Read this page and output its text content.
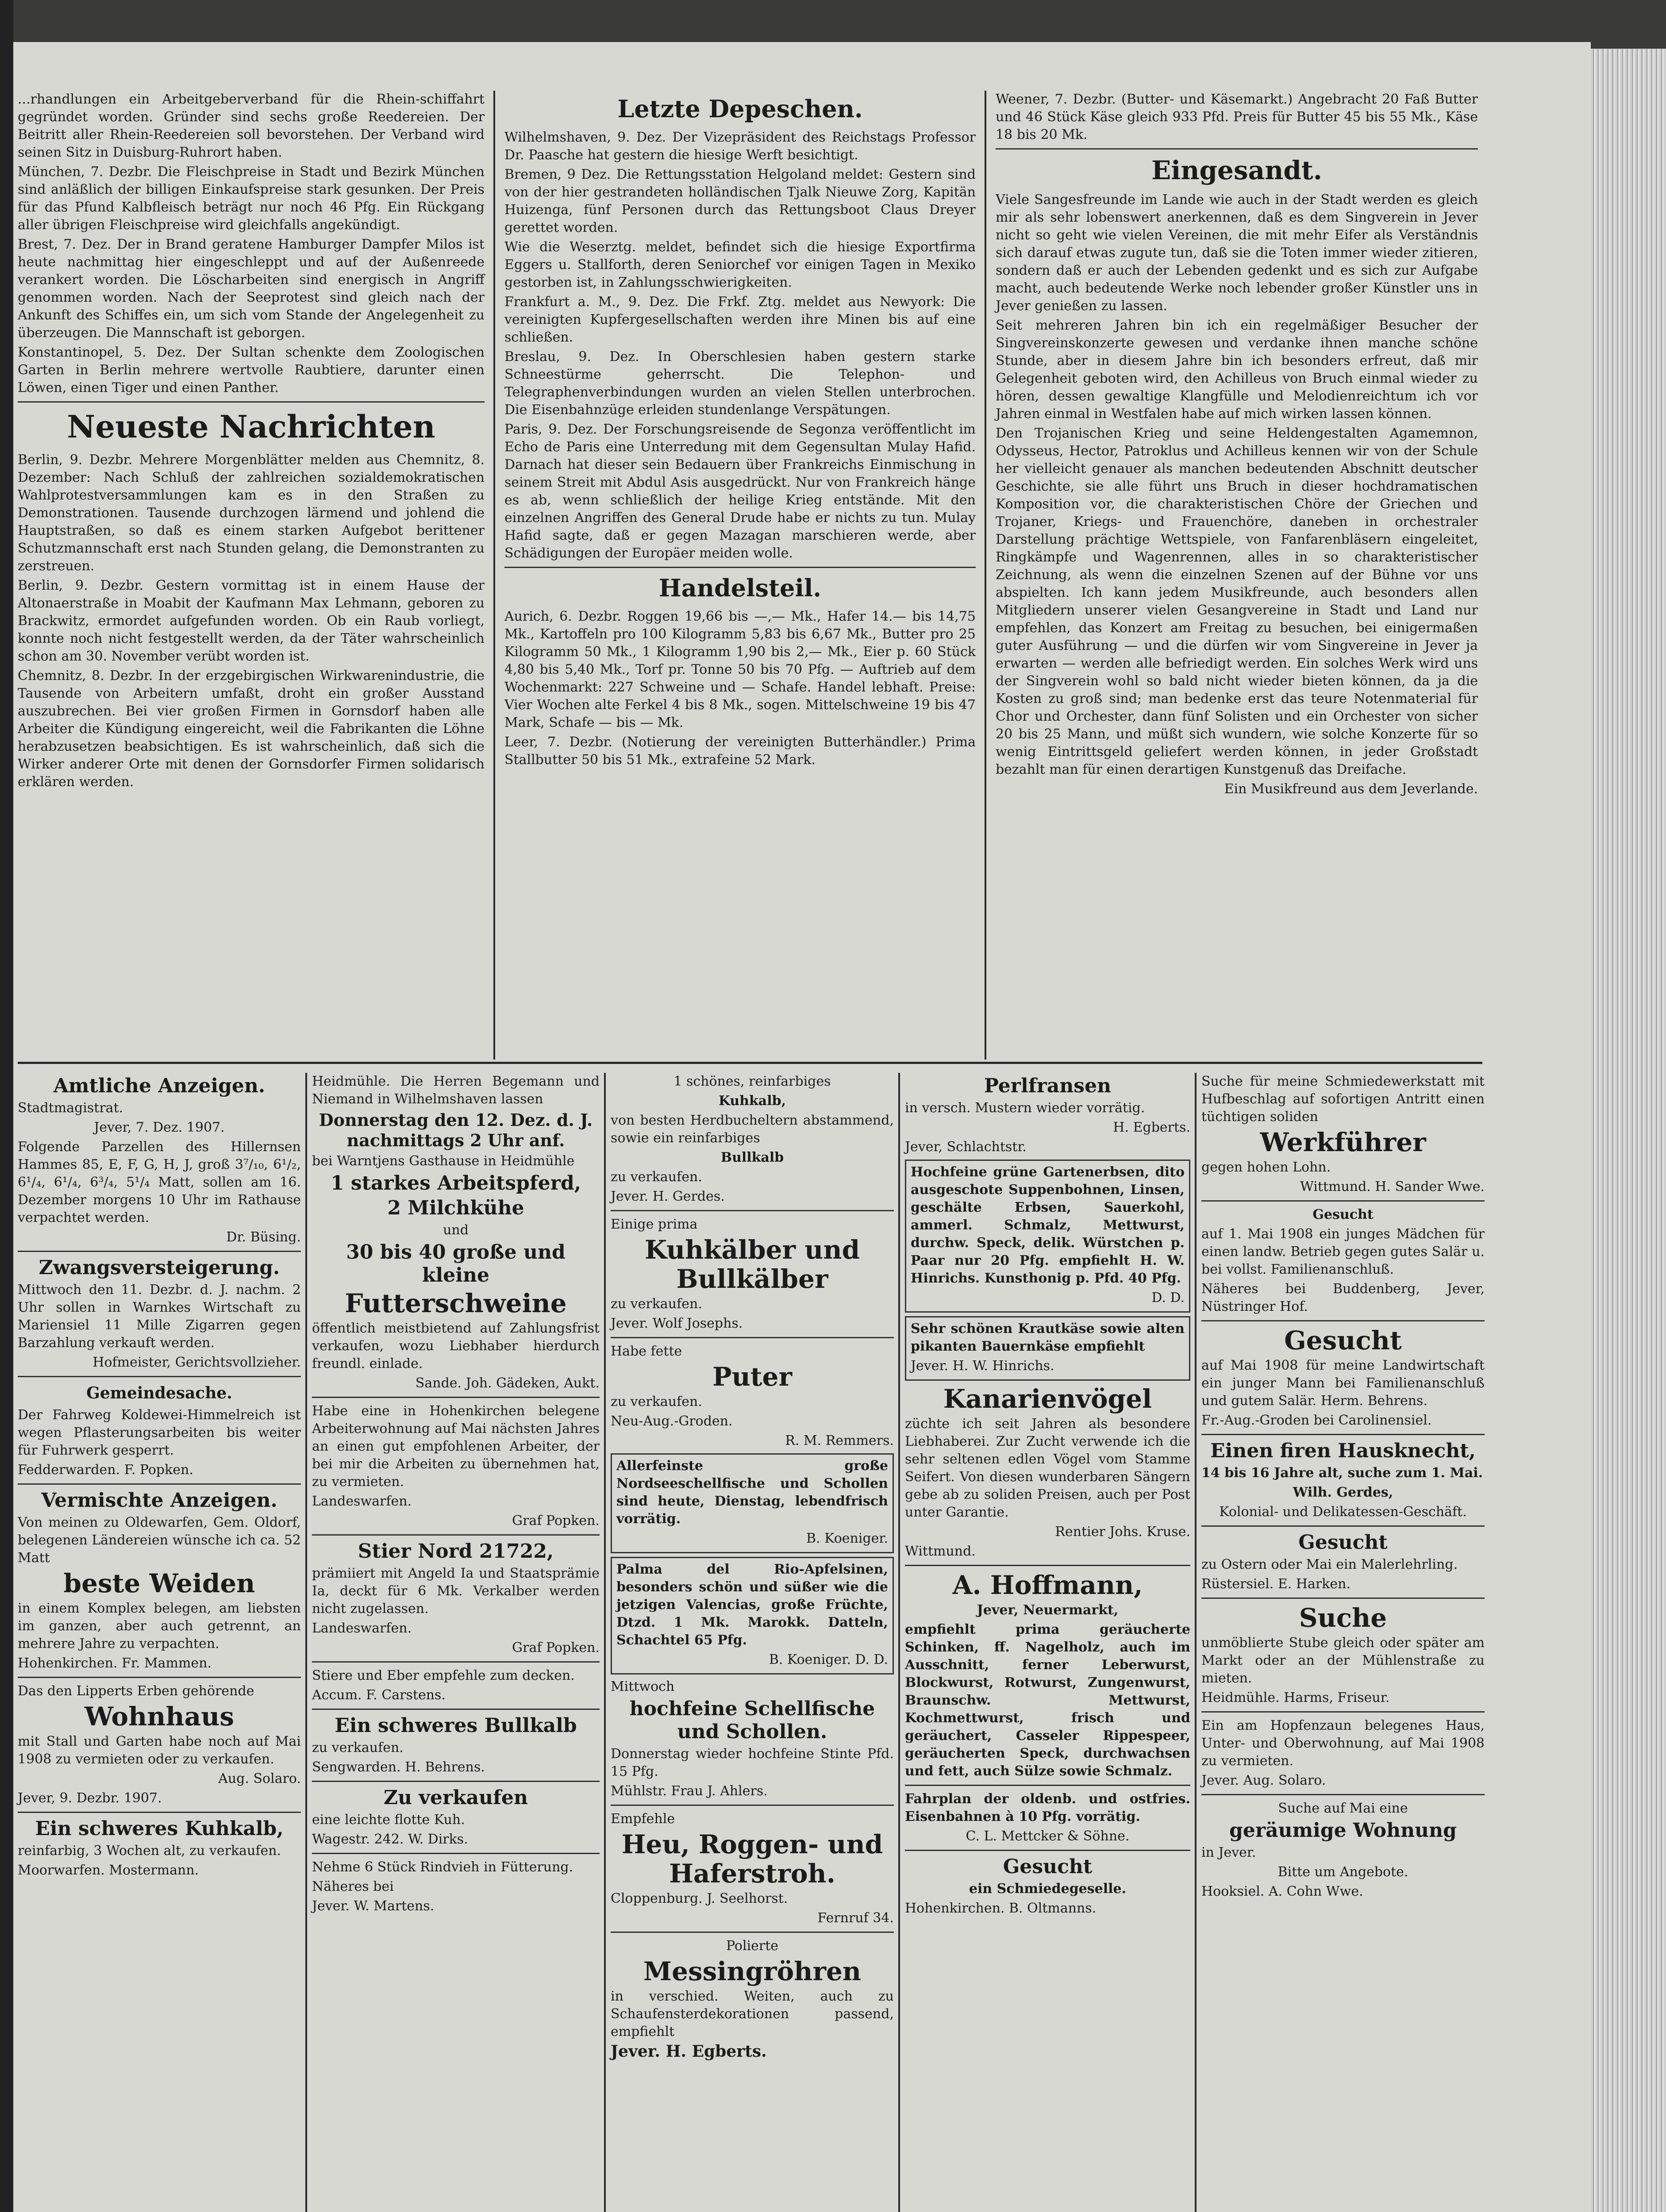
...rhandlungen ein Arbeitgeberverband für die Rhein-schiffahrt gegründet worden. Gründer sind sechs große Reedereien. Der Beitritt aller Rhein-Reedereien soll bevorstehen. Der Verband wird seinen Sitz in Duisburg-Ruhrort haben.

München, 7. Dezbr. Die Fleischpreise in Stadt und Bezirk München sind anläßlich der billigen Einkaufspreise stark gesunken. Der Preis für das Pfund Kalbfleisch beträgt nur noch 46 Pfg. Ein Rückgang aller übrigen Fleischpreise wird gleichfalls angekündigt.

Brest, 7. Dez. Der in Brand geratene Hamburger Dampfer Milos ist heute nachmittag hier eingeschleppt und auf der Außenreede verankert worden. Die Löscharbeiten sind energisch in Angriff genommen worden. Nach der Seeprotest sind gleich nach der Ankunft des Schiffes ein, um sich vom Stande der Angelegenheit zu überzeugen. Die Mannschaft ist geborgen.

Konstantinopel, 5. Dez. Der Sultan schenkte dem Zoologischen Garten in Berlin mehrere wertvolle Raubtiere, darunter einen Löwen, einen Tiger und einen Panther.

Neueste Nachrichten

Berlin, 9. Dezbr. Mehrere Morgenblätter melden aus Chemnitz, 8. Dezember: Nach Schluß der zahlreichen sozialdemokratischen Wahlprotestversammlungen kam es in den Straßen zu Demonstrationen. Tausende durchzogen lärmend und johlend die Hauptstraßen, so daß es einem starken Aufgebot berittener Schutzmannschaft erst nach Stunden gelang, die Demonstranten zu zerstreuen.

Berlin, 9. Dezbr. Gestern vormittag ist in einem Hause der Altonaerstraße in Moabit der Kaufmann Max Lehmann, geboren zu Brackwitz, ermordet aufgefunden worden. Ob ein Raub vorliegt, konnte noch nicht festgestellt werden, da der Täter wahrscheinlich schon am 30. November verübt worden ist.

Chemnitz, 8. Dezbr. In der erzgebirgischen Wirkwarenindustrie, die Tausende von Arbeitern umfaßt, droht ein großer Ausstand auszubrechen. Bei vier großen Firmen in Gornsdorf haben alle Arbeiter die Kündigung eingereicht, weil die Fabrikanten die Löhne herabzusetzen beabsichtigen. Es ist wahrscheinlich, daß sich die Wirker anderer Orte mit denen der Gornsdorfer Firmen solidarisch erklären werden.

Letzte Depeschen.

Wilhelmshaven, 9. Dez. Der Vizepräsident des Reichstags Professor Dr. Paasche hat gestern die hiesige Werft besichtigt.

Bremen, 9 Dez. Die Rettungsstation Helgoland meldet: Gestern sind von der hier gestrandeten holländischen Tjalk Nieuwe Zorg, Kapitän Huizenga, fünf Personen durch das Rettungsboot Claus Dreyer gerettet worden.

Wie die Weserztg. meldet, befindet sich die hiesige Exportfirma Eggers u. Stallforth, deren Seniorchef vor einigen Tagen in Mexiko gestorben ist, in Zahlungsschwierigkeiten.

Frankfurt a. M., 9. Dez. Die Frkf. Ztg. meldet aus Newyork: Die vereinigten Kupfergesellschaften werden ihre Minen bis auf eine schließen.

Breslau, 9. Dez. In Oberschlesien haben gestern starke Schneestürme geherrscht. Die Telephon- und Telegraphenverbindungen wurden an vielen Stellen unterbrochen. Die Eisenbahnzüge erleiden stundenlange Verspätungen.

Paris, 9. Dez. Der Forschungsreisende de Segonza veröffentlicht im Echo de Paris eine Unterredung mit dem Gegensultan Mulay Hafid. Darnach hat dieser sein Bedauern über Frankreichs Einmischung in seinem Streit mit Abdul Asis ausgedrückt. Nur von Frankreich hänge es ab, wenn schließlich der heilige Krieg entstände. Mit den einzelnen Angriffen des General Drude habe er nichts zu tun. Mulay Hafid sagte, daß er gegen Mazagan marschieren werde, aber Schädigungen der Europäer meiden wolle.

Handelsteil.

Aurich, 6. Dezbr. Roggen 19,66 bis —,— Mk., Hafer 14.— bis 14,75 Mk., Kartoffeln pro 100 Kilogramm 5,83 bis 6,67 Mk., Butter pro 25 Kilogramm 50 Mk., 1 Kilogramm 1,90 bis 2,— Mk., Eier p. 60 Stück 4,80 bis 5,40 Mk., Torf pr. Tonne 50 bis 70 Pfg. — Auftrieb auf dem Wochenmarkt: 227 Schweine und — Schafe. Handel lebhaft. Preise: Vier Wochen alte Ferkel 4 bis 8 Mk., sogen. Mittelschweine 19 bis 47 Mark, Schafe — bis — Mk.

Leer, 7. Dezbr. (Notierung der vereinigten Butterhändler.) Prima Stallbutter 50 bis 51 Mk., extrafeine 52 Mark.

Weener, 7. Dezbr. (Butter- und Käsemarkt.) Angebracht 20 Faß Butter und 46 Stück Käse gleich 933 Pfd. Preis für Butter 45 bis 55 Mk., Käse 18 bis 20 Mk.

Eingesandt.

Viele Sangesfreunde im Lande wie auch in der Stadt werden es gleich mir als sehr lobenswert anerkennen, daß es dem Singverein in Jever nicht so geht wie vielen Vereinen, die mit mehr Eifer als Verständnis sich darauf etwas zugute tun, daß sie die Toten immer wieder zitieren, sondern daß er auch der Lebenden gedenkt und es sich zur Aufgabe macht, auch bedeutende Werke noch lebender großer Künstler uns in Jever genießen zu lassen.

Seit mehreren Jahren bin ich ein regelmäßiger Besucher der Singvereinskonzerte gewesen und verdanke ihnen manche schöne Stunde, aber in diesem Jahre bin ich besonders erfreut, daß mir Gelegenheit geboten wird, den Achilleus von Bruch einmal wieder zu hören, dessen gewaltige Klangfülle und Melodienreichtum ich vor Jahren einmal in Westfalen habe auf mich wirken lassen können.

Den Trojanischen Krieg und seine Heldengestalten Agamemnon, Odysseus, Hector, Patroklus und Achilleus kennen wir von der Schule her vielleicht genauer als manchen bedeutenden Abschnitt deutscher Geschichte, sie alle führt uns Bruch in dieser hochdramatischen Komposition vor, die charakteristischen Chöre der Griechen und Trojaner, Kriegs- und Frauenchöre, daneben in orchestraler Darstellung prächtige Wettspiele, von Fanfarenbläsern eingeleitet, Ringkämpfe und Wagenrennen, alles in so charakteristischer Zeichnung, als wenn die einzelnen Szenen auf der Bühne vor uns abspielten. Ich kann jedem Musikfreunde, auch besonders allen Mitgliedern unserer vielen Gesangvereine in Stadt und Land nur empfehlen, das Konzert am Freitag zu besuchen, bei einigermaßen guter Ausführung — und die dürfen wir vom Singvereine in Jever ja erwarten — werden alle befriedigt werden. Ein solches Werk wird uns der Singverein wohl so bald nicht wieder bieten können, da ja die Kosten zu groß sind; man bedenke erst das teure Notenmaterial für Chor und Orchester, dann fünf Solisten und ein Orchester von sicher 20 bis 25 Mann, und müßt sich wundern, wie solche Konzerte für so wenig Eintrittsgeld geliefert werden können, in jeder Großstadt bezahlt man für einen derartigen Kunstgenuß das Dreifache.

Ein Musikfreund aus dem Jeverlande.

Amtliche Anzeigen.

Stadtmagistrat.

Jever, 7. Dez. 1907.

Folgende Parzellen des Hillernsen Hammes 85, E, F, G, H, J, groß 3⁷/₁₀, 6¹/₂, 6¹/₄, 6¹/₄, 6³/₄, 5¹/₄ Matt, sollen am 16. Dezember morgens 10 Uhr im Rathause verpachtet werden.

Dr. Büsing.

Zwangsversteigerung.

Mittwoch den 11. Dezbr. d. J. nachm. 2 Uhr sollen in Warnkes Wirtschaft zu Mariensiel 11 Mille Zigarren gegen Barzahlung verkauft werden.

Hofmeister, Gerichtsvollzieher.

Gemeindesache.

Der Fahrweg Koldewei-Himmelreich ist wegen Pflasterungsarbeiten bis weiter für Fuhrwerk gesperrt.

Fedderwarden. F. Popken.

Vermischte Anzeigen.

Von meinen zu Oldewarfen, Gem. Oldorf, belegenen Ländereien wünsche ich ca. 52 Matt

beste Weiden

in einem Komplex belegen, am liebsten im ganzen, aber auch getrennt, an mehrere Jahre zu verpachten.

Hohenkirchen. Fr. Mammen.

Das den Lipperts Erben gehörende

Wohnhaus

mit Stall und Garten habe noch auf Mai 1908 zu vermieten oder zu verkaufen.

Aug. Solaro.

Jever, 9. Dezbr. 1907.

Ein schweres Kuhkalb,

reinfarbig, 3 Wochen alt, zu verkaufen.

Moorwarfen. Mostermann.

Heidmühle. Die Herren Begemann und Niemand in Wilhelmshaven lassen

Donnerstag den 12. Dez. d. J. nachmittags 2 Uhr anf.

bei Warntjens Gasthause in Heidmühle

1 starkes Arbeitspferd,
2 Milchkühe

und

30 bis 40 große und kleine
Futterschweine

öffentlich meistbietend auf Zahlungsfrist verkaufen, wozu Liebhaber hierdurch freundl. einlade.

Sande. Joh. Gädeken, Aukt.

Habe eine in Hohenkirchen belegene Arbeiterwohnung auf Mai nächsten Jahres an einen gut empfohlenen Arbeiter, der bei mir die Arbeiten zu übernehmen hat, zu vermieten.

Landeswarfen.

Graf Popken.

Stier Nord 21722,

prämiiert mit Angeld Ia und Staatsprämie Ia, deckt für 6 Mk. Verkalber werden nicht zugelassen.

Landeswarfen.

Graf Popken.

Stiere und Eber empfehle zum decken.

Accum. F. Carstens.

Ein schweres Bullkalb

zu verkaufen.

Sengwarden. H. Behrens.

Zu verkaufen

eine leichte flotte Kuh.

Wagestr. 242. W. Dirks.

Nehme 6 Stück Rindvieh in Fütterung.

Näheres bei

Jever. W. Martens.

1 schönes, reinfarbiges

Kuhkalb,

von besten Herdbucheltern abstammend, sowie ein reinfarbiges

Bullkalb

zu verkaufen.

Jever. H. Gerdes.

Einige prima

Kuhkälber und Bullkälber

zu verkaufen.

Jever. Wolf Josephs.

Habe fette

Puter

zu verkaufen.

Neu-Aug.-Groden.

R. M. Remmers.

Allerfeinste große Nordseeschellfische und Schollen sind heute, Dienstag, lebendfrisch vorrätig.

B. Koeniger.

Palma del Rio-Apfelsinen, besonders schön und süßer wie die jetzigen Valencias, große Früchte, Dtzd. 1 Mk. Marokk. Datteln, Schachtel 65 Pfg.

B. Koeniger. D. D.

Mittwoch

hochfeine Schellfische und Schollen.

Donnerstag wieder hochfeine Stinte Pfd. 15 Pfg.

Mühlstr. Frau J. Ahlers.

Empfehle

Heu, Roggen- und Haferstroh.

Cloppenburg. J. Seelhorst.

Fernruf 34.

Polierte

Messingröhren

in verschied. Weiten, auch zu Schaufensterdekorationen passend, empfiehlt

Jever. H. Egberts.

Perlfransen

in versch. Mustern wieder vorrätig.

H. Egberts.

Jever, Schlachtstr.

Hochfeine grüne Gartenerbsen, dito ausgeschote Suppenbohnen, Linsen, geschälte Erbsen, Sauerkohl, ammerl. Schmalz, Mettwurst, durchw. Speck, delik. Würstchen p. Paar nur 20 Pfg. empfiehlt H. W. Hinrichs. Kunsthonig p. Pfd. 40 Pfg.

D. D.

Sehr schönen Krautkäse sowie alten pikanten Bauernkäse empfiehlt

Jever. H. W. Hinrichs.

Kanarienvögel

züchte ich seit Jahren als besondere Liebhaberei. Zur Zucht verwende ich die sehr seltenen edlen Vögel vom Stamme Seifert. Von diesen wunderbaren Sängern gebe ab zu soliden Preisen, auch per Post unter Garantie.

Rentier Johs. Kruse.

Wittmund.

A. Hoffmann,

Jever, Neuermarkt,

empfiehlt prima geräucherte Schinken, ff. Nagelholz, auch im Ausschnitt, ferner Leberwurst, Blockwurst, Rotwurst, Zungenwurst, Braunschw. Mettwurst, Kochmettwurst, frisch und geräuchert, Casseler Rippespeer, geräucherten Speck, durchwachsen und fett, auch Sülze sowie Schmalz.

Fahrplan der oldenb. und ostfries. Eisenbahnen à 10 Pfg. vorrätig.

C. L. Mettcker & Söhne.

Gesucht

ein Schmiedegeselle.

Hohenkirchen. B. Oltmanns.

Suche für meine Schmiedewerkstatt mit Hufbeschlag auf sofortigen Antritt einen tüchtigen soliden

Werkführer

gegen hohen Lohn.

Wittmund. H. Sander Wwe.

Gesucht

auf 1. Mai 1908 ein junges Mädchen für einen landw. Betrieb gegen gutes Salär u. bei vollst. Familienanschluß.

Näheres bei Buddenberg, Jever, Nüstringer Hof.

Gesucht

auf Mai 1908 für meine Landwirtschaft ein junger Mann bei Familienanschluß und gutem Salär. Herm. Behrens.

Fr.-Aug.-Groden bei Carolinensiel.

Einen firen Hausknecht,

14 bis 16 Jahre alt, suche zum 1. Mai.

Wilh. Gerdes,

Kolonial- und Delikatessen-Geschäft.

Gesucht

zu Ostern oder Mai ein Malerlehrling.

Rüstersiel. E. Harken.

Suche

unmöblierte Stube gleich oder später am Markt oder an der Mühlenstraße zu mieten.

Heidmühle. Harms, Friseur.

Ein am Hopfenzaun belegenes Haus, Unter- und Oberwohnung, auf Mai 1908 zu vermieten.

Jever. Aug. Solaro.

Suche auf Mai eine

geräumige Wohnung

in Jever.

Bitte um Angebote.

Hooksiel. A. Cohn Wwe.
